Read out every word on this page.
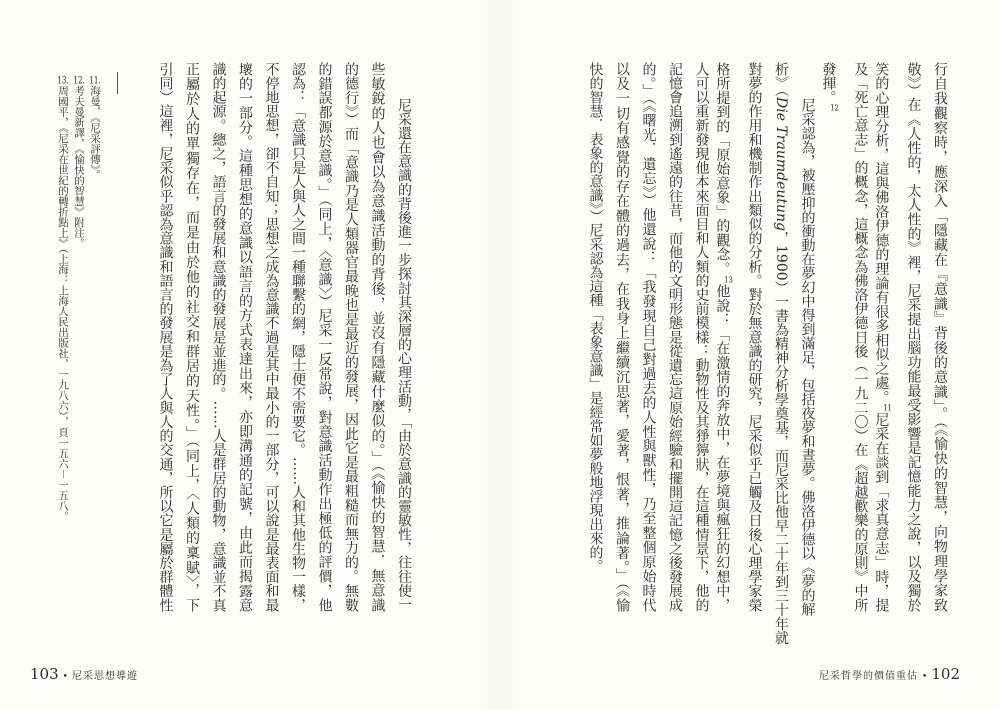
行自我觀察時，應深入「隱藏在『意識』背後的意識」。（《愉快的智慧，向物理學家致
敬》）在《人性的，太人性的》裡，尼采提出腦功能最受影響是記憶能力之說，以及獨於
笑的心理分析，這與佛洛伊德的理論有很多相似之處。$^{11}$尼采在談到「求真意志」時，提
及「死亡意志」的概念，這概念為佛洛伊德日後（一九二〇）在《超越歡樂的原則》中所
發揮。$^{12}$
尼采認為，被壓抑的衝動在夢幻中得到滿足，包括夜夢和晝夢。佛洛伊德以《夢的解
析》（Die Traumdeutung，1900）一書為精神分析學奠基，而尼采比他早二十年到三十年就
對夢的作用和機制作出類似的分析。對於無意識的研究，尼采似乎已觸及日後心理學家榮
格所提到的「原始意象」的觀念。$^{13}$他說：「在激情的奔放中，在夢境與瘋狂的幻想中，
人可以重新發現他本來面目和人類的史前模樣：動物性及其猙獰狀，在這種情景下，他的
記憶會追溯到遙遠的往昔，而他的文明形態是從遺忘這原始經驗和擺開這記憶之後發展成
的。」（《曙光．遺忘》）他還說：「我發現自己對過去的人性與獸性，乃至整個原始時代
以及一切有感覺的存在體的過去，在我身上繼續沉思著，愛著，恨著，推論著。」（《愉
快的智慧．表象的意識》）尼采認為這種「表象意識」是經常如夢般地浮現出來的。
尼采還在意識的背後進一步探討其深層的心理活動，「由於意識的靈敏性，往往使一
些敏銳的人也會以為意識活動的背後，並沒有隱藏什麼似的。」（《愉快的智慧．無意識
的德行》）而「意識乃是人類器官最晚也是最近的發展，因此它是最粗糙而無力的。無數
的錯誤都源於意識。」（同上，〈意識〉）尼采一反常說，對意識活動作出極低的評價，他
認為：「意識只是人與人之間一種聯繫的網，隱士便不需要它。……人和其他生物一樣，
不停地思想，卻不自知；思想之成為意識不過是其中最小的一部分，可以說是最表面和最
壞的一部分。這種思想的意識以語言的方式表達出來，亦即溝通的記號，由此而揭露意
識的起源。總之，語言的發展和意識的發展是並進的。……人是群居的動物，意識並不真
正屬於人的單獨存在，而是由於他的社交和群居的天性。」（同上，〈人類的稟賦〉，下
引同）這裡，尼采似乎認為意識和語言的發展是為了人與人的交通，所以它是屬於群體性
11.海曼，《尼采評傳》。
12.考夫曼新譯，《愉快的智慧》附注。
13.周國平，《尼采在世紀的轉折點上》（上海：上海人民出版社，一九八六），頁一五六－一五八。
103 • 尼采思想導遊	尼采哲學的價值重估 • 102
